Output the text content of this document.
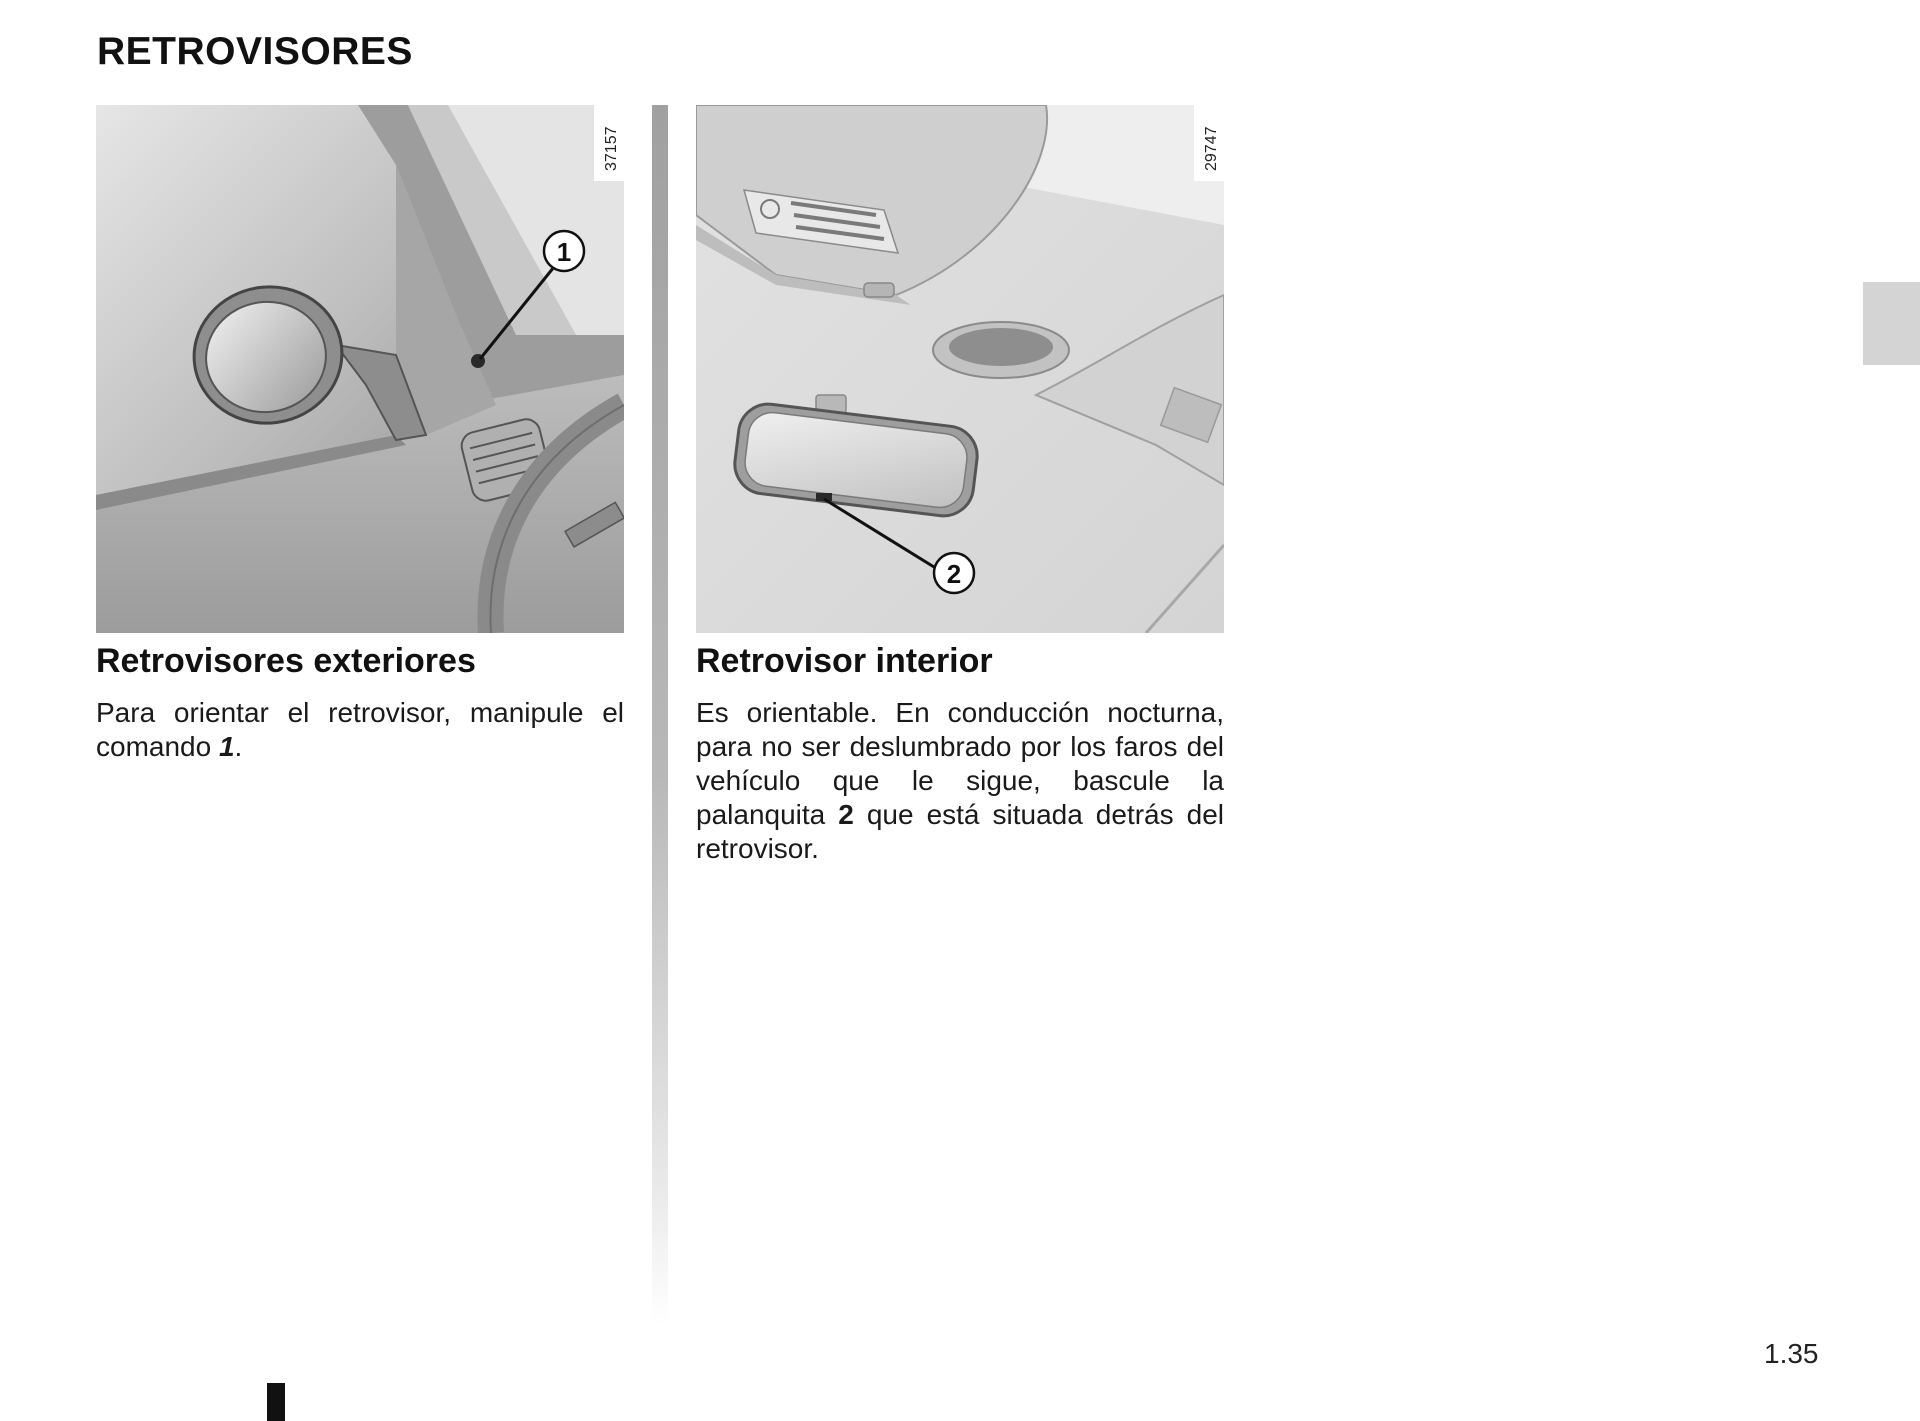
RETROVISORES
1
37157
2
29747
Retrovisores exteriores

Para orientar el retrovisor, manipule el comando 1.

Retrovisor interior

Es orientable. En conducción nocturna, para no ser deslumbrado por los faros del vehículo que le sigue, bascule la palanquita 2 que está situada detrás del retrovisor.

1.35
